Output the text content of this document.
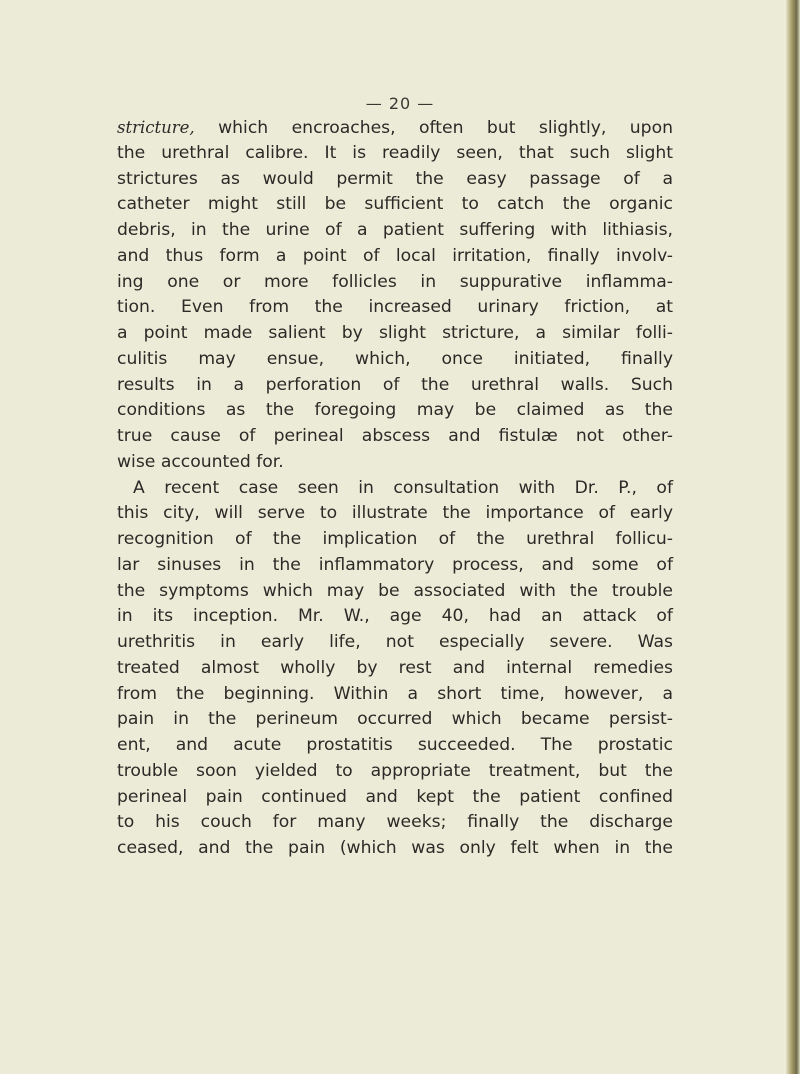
— 20 —
stricture, which encroaches, often but slightly, upon
the urethral calibre. It is readily seen, that such slight
strictures as would permit the easy passage of a
catheter might still be sufficient to catch the organic
debris, in the urine of a patient suffering with lithiasis,
and thus form a point of local irritation, finally involv-
ing one or more follicles in suppurative inflamma-
tion. Even from the increased urinary friction, at
a point made salient by slight stricture, a similar folli-
culitis may ensue, which, once initiated, finally
results in a perforation of the urethral walls. Such
conditions as the foregoing may be claimed as the
true cause of perineal abscess and fistulæ not other-
wise accounted for.
A recent case seen in consultation with Dr. P., of
this city, will serve to illustrate the importance of early
recognition of the implication of the urethral follicu-
lar sinuses in the inflammatory process, and some of
the symptoms which may be associated with the trouble
in its inception. Mr. W., age 40, had an attack of
urethritis in early life, not especially severe. Was
treated almost wholly by rest and internal remedies
from the beginning. Within a short time, however, a
pain in the perineum occurred which became persist-
ent, and acute prostatitis succeeded. The prostatic
trouble soon yielded to appropriate treatment, but the
perineal pain continued and kept the patient confined
to his couch for many weeks; finally the discharge
ceased, and the pain (which was only felt when in the
